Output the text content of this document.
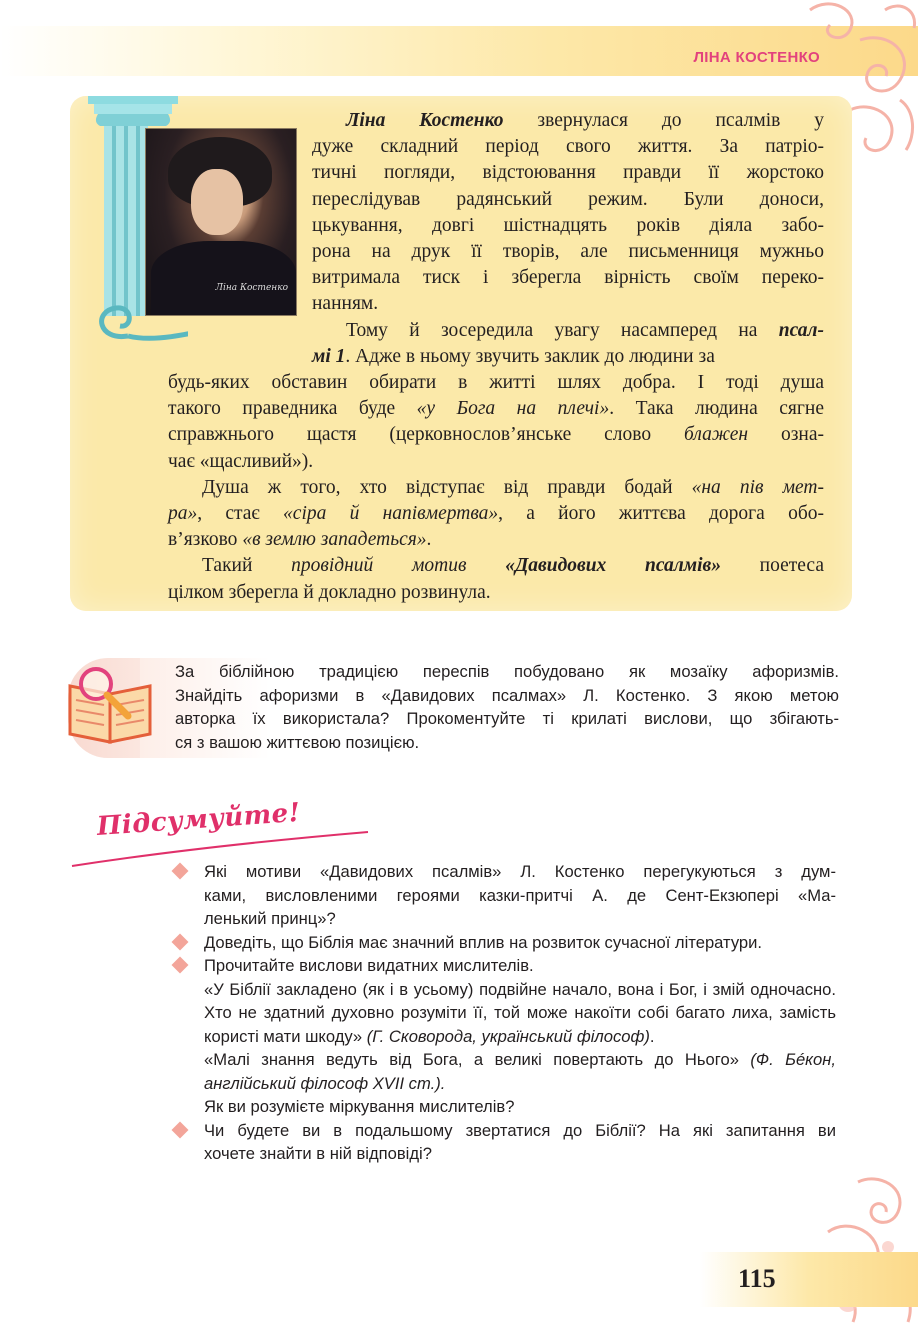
ЛІНА КОСТЕНКО
Ліна Костенко
Ліна Костенко звернулася до псалмів у
дуже складний період свого життя. За патріо-
тичні погляди, відстоювання правди її жорстоко
переслідував радянський режим. Були доноси,
цькування, довгі шістнадцять років діяла забо-
рона на друк її творів, але письменниця мужньо
витримала тиск і зберегла вірність своїм переко-
нанням.
Тому й зосередила увагу насамперед на псал-
мі 1. Адже в ньому звучить заклик до людини за
будь-яких обставин обирати в житті шлях добра. І тоді душа
такого праведника буде «у Бога на плечі». Така людина сягне
справжнього щастя (церковнослов’янське слово блажен озна-
чає «щасливий»).
Душа ж того, хто відступає від правди бодай «на пів мет-
ра», стає «сіра й напівмертва», а його життєва дорога обо-
в’язково «в землю западеться».
Такий провідний мотив «Давидових псалмів» поетеса
цілком зберегла й докладно розвинула.
За біблійною традицією переспів побудовано як мозаїку афоризмів.
Знайдіть афоризми в «Давидових псалмах» Л. Костенко. З якою метою
авторка їх використала? Прокоментуйте ті крилаті вислови, що збігають-
ся з вашою життєвою позицією.
Підсумуйте!
Які мотиви «Давидових псалмів» Л. Костенко перегукуються з дум-
ками, висловленими героями казки-притчі А. де Сент-Екзюпері «Ма-
ленький принц»?
Доведіть, що Біблія має значний вплив на розвиток сучасної літератури.
Прочитайте вислови видатних мислителів.
«У Біблії закладено (як і в усьому) подвійне начало, вона і Бог, і змій одночасно. Хто не здатний духовно розуміти її, той може накоїти собі багато лиха, замість користі мати шкоду» (Г. Сковорода, український філософ).
«Малі знання ведуть від Бога, а великі повертають до Нього» (Ф. Бéкон, англійський філософ XVII ст.).
Як ви розумієте міркування мислителів?
Чи будете ви в подальшому звертатися до Біблії? На які запитання ви
хочете знайти в ній відповіді?
115
